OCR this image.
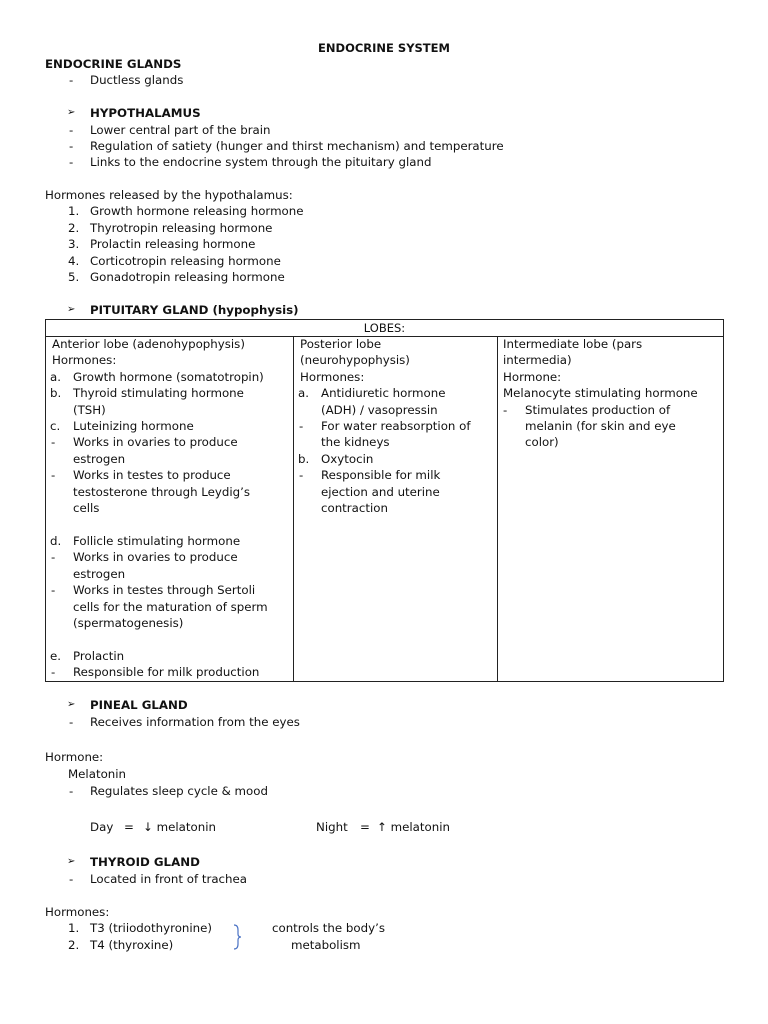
ENDOCRINE SYSTEM
ENDOCRINE GLANDS
- Ductless glands
➢ HYPOTHALAMUS
- Lower central part of the brain
- Regulation of satiety (hunger and thirst mechanism) and temperature
- Links to the endocrine system through the pituitary gland
Hormones released by the hypothalamus:
1. Growth hormone releasing hormone
2. Thyrotropin releasing hormone
3. Prolactin releasing hormone
4. Corticotropin releasing hormone
5. Gonadotropin releasing hormone
➢ PITUITARY GLAND (hypophysis)
LOBES:
Anterior lobe (adenohypophysis)
Hormones:
a. Growth hormone (somatotropin)
b. Thyroid stimulating hormone
(TSH)
c. Luteinizing hormone
- Works in ovaries to produce
estrogen
- Works in testes to produce
testosterone through Leydig’s
cells
d. Follicle stimulating hormone
- Works in ovaries to produce
estrogen
- Works in testes through Sertoli
cells for the maturation of sperm
(spermatogenesis)
e. Prolactin
- Responsible for milk production
Posterior lobe
(neurohypophysis)
Hormones:
a. Antidiuretic hormone
(ADH) / vasopressin
- For water reabsorption of
the kidneys
b. Oxytocin
- Responsible for milk
ejection and uterine
contraction
Intermediate lobe (pars
intermedia)
Hormone:
Melanocyte stimulating hormone
- Stimulates production of
melanin (for skin and eye
color)
➢ PINEAL GLAND
- Receives information from the eyes
Hormone:
Melatonin
- Regulates sleep cycle & mood
Day = ↓ melatonin	Night = ↑ melatonin
➢ THYROID GLAND
- Located in front of trachea
Hormones:
1. T3 (triiodothyronine)
2. T4 (thyroxine)
controls the body’s
metabolism
